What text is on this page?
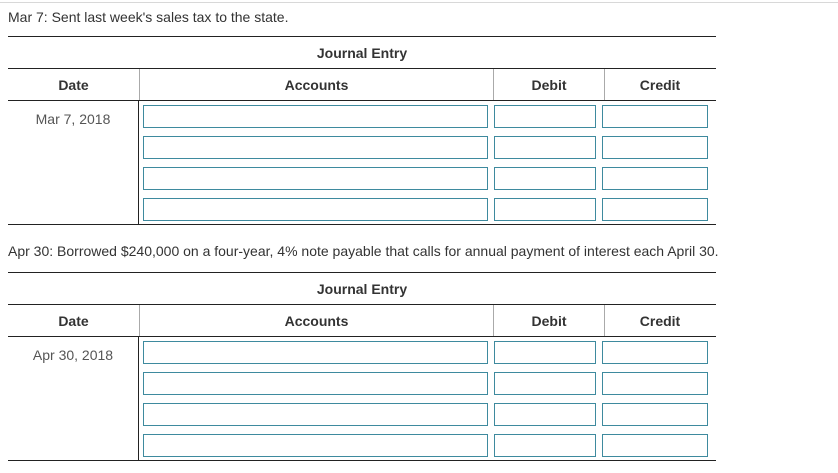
Mar 7: Sent last week's sales tax to the state.
Journal Entry
Date	Accounts	Debit	Credit
Mar 7, 2018
Apr 30: Borrowed $240,000 on a four-year, 4% note payable that calls for annual payment of interest each April 30.
Journal Entry
Date	Accounts	Debit	Credit
Apr 30, 2018
